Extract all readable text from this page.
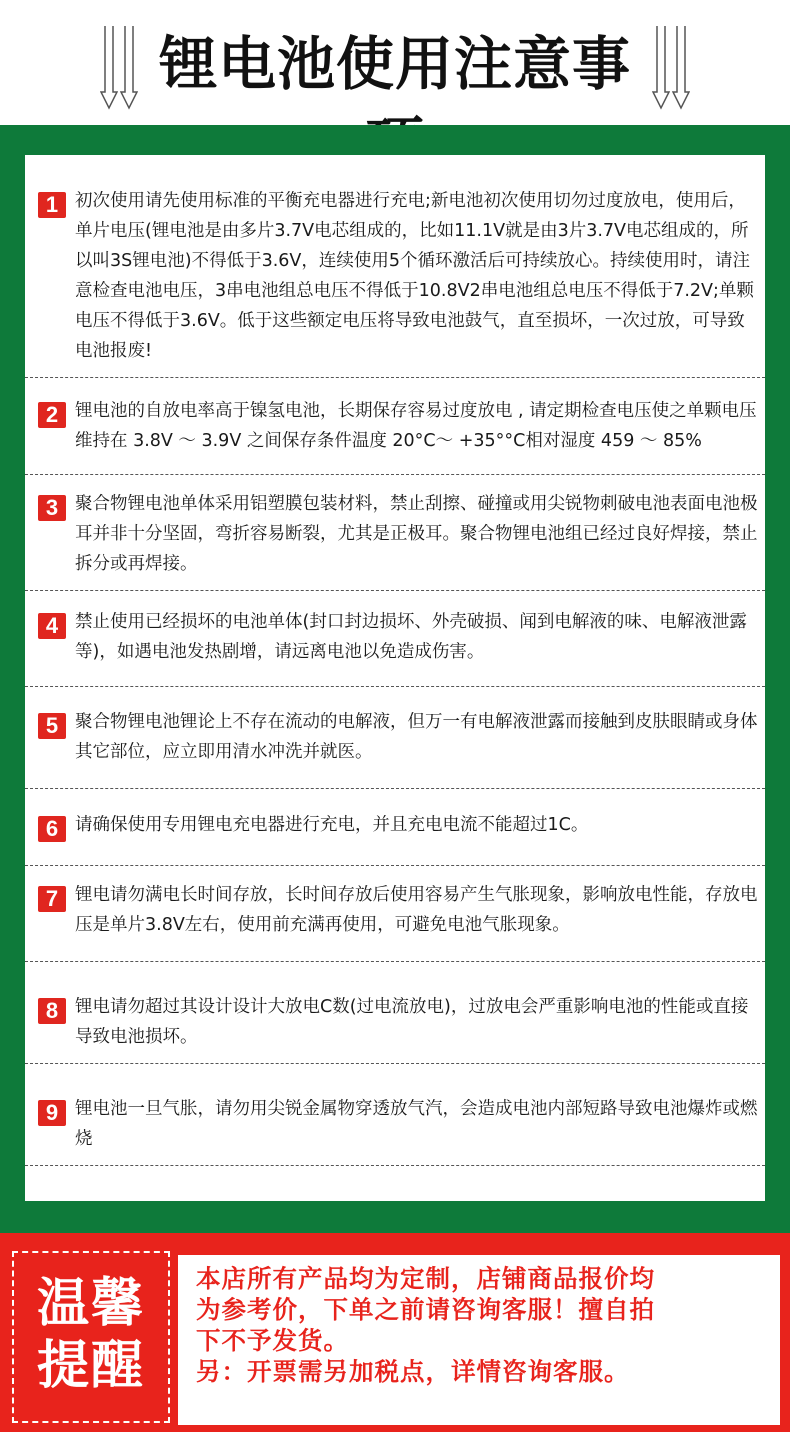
锂电池使用注意事
1 初次使用请先使用标准的平衡充电器进行充电;新电池初次使用切勿过度放电，使用后，单片电压(锂电池是由多片3.7V电芯组成的，比如11.1V就是由3片3.7V电芯组成的，所以叫3S锂电池)不得低于3.6V，连续使用5个循环激活后可持续放心。持续使用时，请注意检查电池电压，3串电池组总电压不得低于10.8V2串电池组总电压不得低于7.2V;单颗电压不得低于3.6V。低于这些额定电压将导致电池鼓气，直至损坏，一次过放，可导致电池报废!
2 锂电池的自放电率高于镍氢电池，长期保存容易过度放电 , 请定期检查电压使之单颗电压维持在 3.8V ～ 3.9V 之间保存条件温度 20°C～ +35°°C相对湿度 459 ～ 85%
3 聚合物锂电池单体采用铝塑膜包装材料，禁止刮擦、碰撞或用尖锐物刺破电池表面电池极耳并非十分坚固，弯折容易断裂，尤其是正极耳。聚合物锂电池组已经过良好焊接，禁止拆分或再焊接。
4 禁止使用已经损坏的电池单体(封口封边损坏、外壳破损、闻到电解液的味、电解液泄露等)，如遇电池发热剧增，请远离电池以免造成伤害。
5 聚合物锂电池锂论上不存在流动的电解液，但万一有电解液泄露而接触到皮肤眼睛或身体其它部位，应立即用清水冲洗并就医。
6 请确保使用专用锂电充电器进行充电，并且充电电流不能超过1C。
7 锂电请勿满电长时间存放，长时间存放后使用容易产生气胀现象，影响放电性能，存放电压是单片3.8V左右，使用前充满再使用，可避免电池气胀现象。
8 锂电请勿超过其设计设计大放电C数(过电流放电)，过放电会严重影响电池的性能或直接导致电池损坏。
9 锂电池一旦气胀，请勿用尖锐金属物穿透放气汽，会造成电池内部短路导致电池爆炸或燃烧
温馨
提醒
本店所有产品均为定制，店铺商品报价均
为参考价，下单之前请咨询客服！擅自拍
下不予发货。
另：开票需另加税点，详情咨询客服。
